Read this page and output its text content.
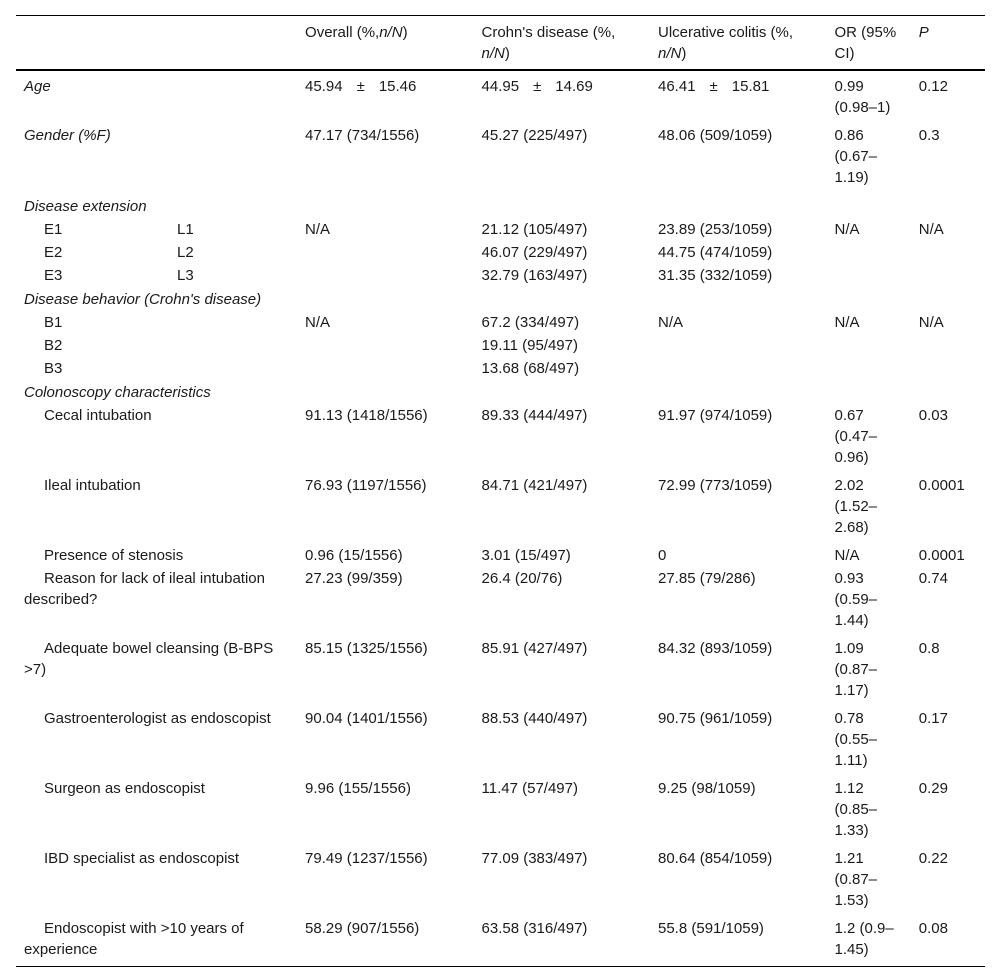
	Overall (%,n/N)	Crohn's disease (%, n/N)	Ulcerative colitis (%, n/N)	OR (95% CI)	P
Age	45.94 ± 15.46	44.95 ± 14.69	46.41 ± 15.81	0.99 (0.98–1)	0.12
Gender (%F)	47.17 (734/1556)	45.27 (225/497)	48.06 (509/1059)	0.86 (0.67–1.19)	0.3
Disease extension					
E1 L1	N/A	21.12 (105/497)	23.89 (253/1059)	N/A	N/A
E2 L2		46.07 (229/497)	44.75 (474/1059)		
E3 L3		32.79 (163/497)	31.35 (332/1059)		
Disease behavior (Crohn's disease)					
B1	N/A	67.2 (334/497)	N/A	N/A	N/A
B2		19.11 (95/497)			
B3		13.68 (68/497)			
Colonoscopy characteristics					
Cecal intubation	91.13 (1418/1556)	89.33 (444/497)	91.97 (974/1059)	0.67 (0.47–0.96)	0.03
Ileal intubation	76.93 (1197/1556)	84.71 (421/497)	72.99 (773/1059)	2.02 (1.52–2.68)	0.0001
Presence of stenosis	0.96 (15/1556)	3.01 (15/497)	0	N/A	0.0001
Reason for lack of ileal intubation described?	27.23 (99/359)	26.4 (20/76)	27.85 (79/286)	0.93 (0.59–1.44)	0.74
Adequate bowel cleansing (B-BPS >7)	85.15 (1325/1556)	85.91 (427/497)	84.32 (893/1059)	1.09 (0.87–1.17)	0.8
Gastroenterologist as endoscopist	90.04 (1401/1556)	88.53 (440/497)	90.75 (961/1059)	0.78 (0.55–1.11)	0.17
Surgeon as endoscopist	9.96 (155/1556)	11.47 (57/497)	9.25 (98/1059)	1.12 (0.85–1.33)	0.29
IBD specialist as endoscopist	79.49 (1237/1556)	77.09 (383/497)	80.64 (854/1059)	1.21 (0.87–1.53)	0.22
Endoscopist with >10 years of experience	58.29 (907/1556)	63.58 (316/497)	55.8 (591/1059)	1.2 (0.9–1.45)	0.08
